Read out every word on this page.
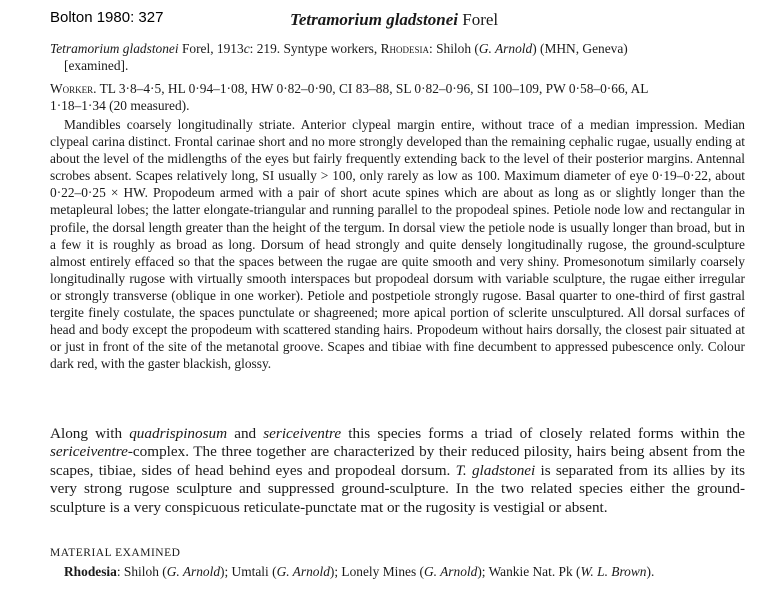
Bolton 1980: 327	Tetramorium gladstonei Forel
Tetramorium gladstonei Forel, 1913c: 219. Syntype workers, Rhodesia: Shiloh (G. Arnold) (MHN, Geneva)
[examined].
Worker. TL 3·8–4·5, HL 0·94–1·08, HW 0·82–0·90, CI 83–88, SL 0·82–0·96, SI 100–109, PW 0·58–0·66, AL
1·18–1·34 (20 measured).
Mandibles coarsely longitudinally striate. Anterior clypeal margin entire, without trace of a median impression. Median clypeal carina distinct. Frontal carinae short and no more strongly developed than the remaining cephalic rugae, usually ending at about the level of the midlengths of the eyes but fairly frequently extending back to the level of their posterior margins. Antennal scrobes absent. Scapes relatively long, SI usually > 100, only rarely as low as 100. Maximum diameter of eye 0·19–0·22, about 0·22–0·25 × HW. Propodeum armed with a pair of short acute spines which are about as long as or slightly longer than the metapleural lobes; the latter elongate-triangular and running parallel to the propodeal spines. Petiole node low and rectangular in profile, the dorsal length greater than the height of the tergum. In dorsal view the petiole node is usually longer than broad, but in a few it is roughly as broad as long. Dorsum of head strongly and quite densely longitudinally rugose, the ground-sculpture almost entirely effaced so that the spaces between the rugae are quite smooth and very shiny. Promesonotum similarly coarsely longitudinally rugose with virtually smooth interspaces but propodeal dorsum with variable sculpture, the rugae either irregular or strongly transverse (oblique in one worker). Petiole and postpetiole strongly rugose. Basal quarter to one-third of first gastral tergite finely costulate, the spaces punctulate or shagreened; more apical portion of sclerite unsculptured. All dorsal surfaces of head and body except the propodeum with scattered standing hairs. Propodeum without hairs dorsally, the closest pair situated at or just in front of the site of the metanotal groove. Scapes and tibiae with fine decumbent to appressed pubescence only. Colour dark red, with the gaster blackish, glossy.
Along with quadrispinosum and sericeiventre this species forms a triad of closely related forms within the sericeiventre-complex. The three together are characterized by their reduced pilosity, hairs being absent from the scapes, tibiae, sides of head behind eyes and propodeal dorsum. T. gladstonei is separated from its allies by its very strong rugose sculpture and suppressed ground-sculpture. In the two related species either the ground-sculpture is a very conspicuous reticulate-punctate mat or the rugosity is vestigial or absent.
MATERIAL EXAMINED
Rhodesia: Shiloh (G. Arnold); Umtali (G. Arnold); Lonely Mines (G. Arnold); Wankie Nat. Pk (W. L. Brown).
